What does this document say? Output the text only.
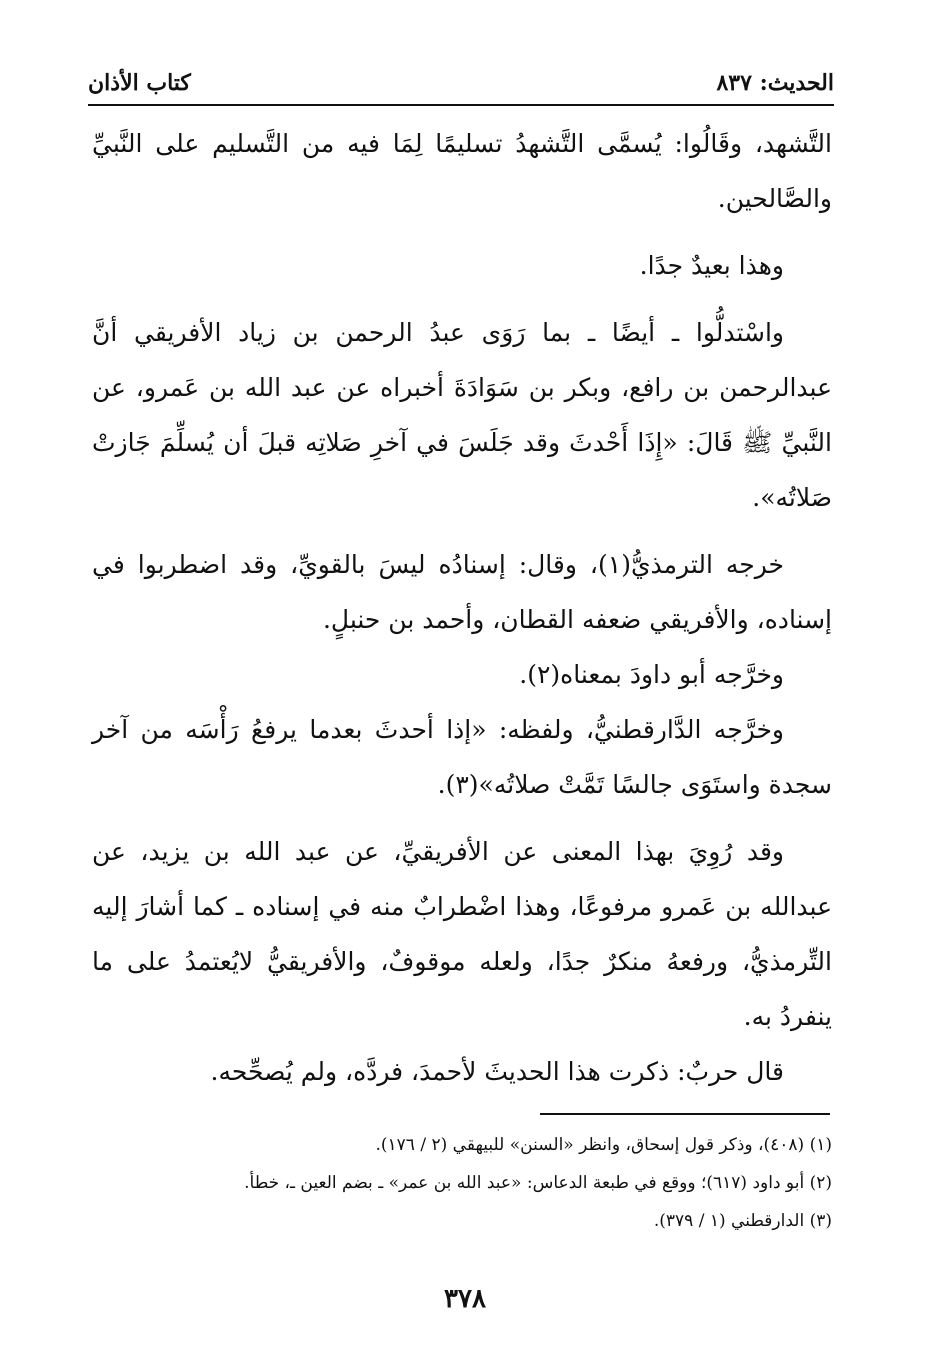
الحديث: ٨٣٧
كتاب الأذان

التَّشهد، وقَالُوا: يُسمَّى التَّشهدُ تسليمًا لِمَا فيه من التَّسليم على النَّبيِّ والصَّالحين.

وهذا بعيدٌ جدًا.

واسْتدلُّوا ـ أيضًا ـ بما رَوَى عبدُ الرحمن بن زياد الأفريقي أنَّ عبدالرحمن بن رافع، وبكر بن سَوَادَةَ أخبراه عن عبد الله بن عَمرو، عن النَّبيِّ ﷺ قَالَ: «إِذَا أَحْدثَ وقد جَلَسَ في آخرِ صَلاتِه قبلَ أن يُسلِّمَ جَازتْ صَلاتُه».

خرجه الترمذيُّ(١)، وقال: إسنادُه ليسَ بالقويِّ، وقد اضطربوا في إسناده، والأفريقي ضعفه القطان، وأحمد بن حنبلٍ.

وخرَّجه أبو داودَ بمعناه(٢).

وخرَّجه الدَّارقطنيُّ، ولفظه: «إذا أحدثَ بعدما يرفعُ رَأْسَه من آخر سجدة واستَوَى جالسًا تَمَّتْ صلاتُه»(٣).

وقد رُوِيَ بهذا المعنى عن الأفريقيِّ، عن عبد الله بن يزيد، عن عبدالله بن عَمرو مرفوعًا، وهذا اضْطرابٌ منه في إسناده ـ كما أشارَ إليه التِّرمذيُّ، ورفعهُ منكرٌ جدًا، ولعله موقوفٌ، والأفريقيُّ لايُعتمدُ على ما ينفردُ به.

قال حربٌ: ذكرت هذا الحديثَ لأحمدَ، فردَّه، ولم يُصحِّحه.

(١) (٤٠٨)، وذكر قول إسحاق، وانظر «السنن» للبيهقي (٢ / ١٧٦).

(٢) أبو داود (٦١٧)؛ ووقع في طبعة الدعاس: «عبد الله بن عمر» ـ بضم العين ـ، خطأ.

(٣) الدارقطني (١ / ٣٧٩).

٣٧٨
